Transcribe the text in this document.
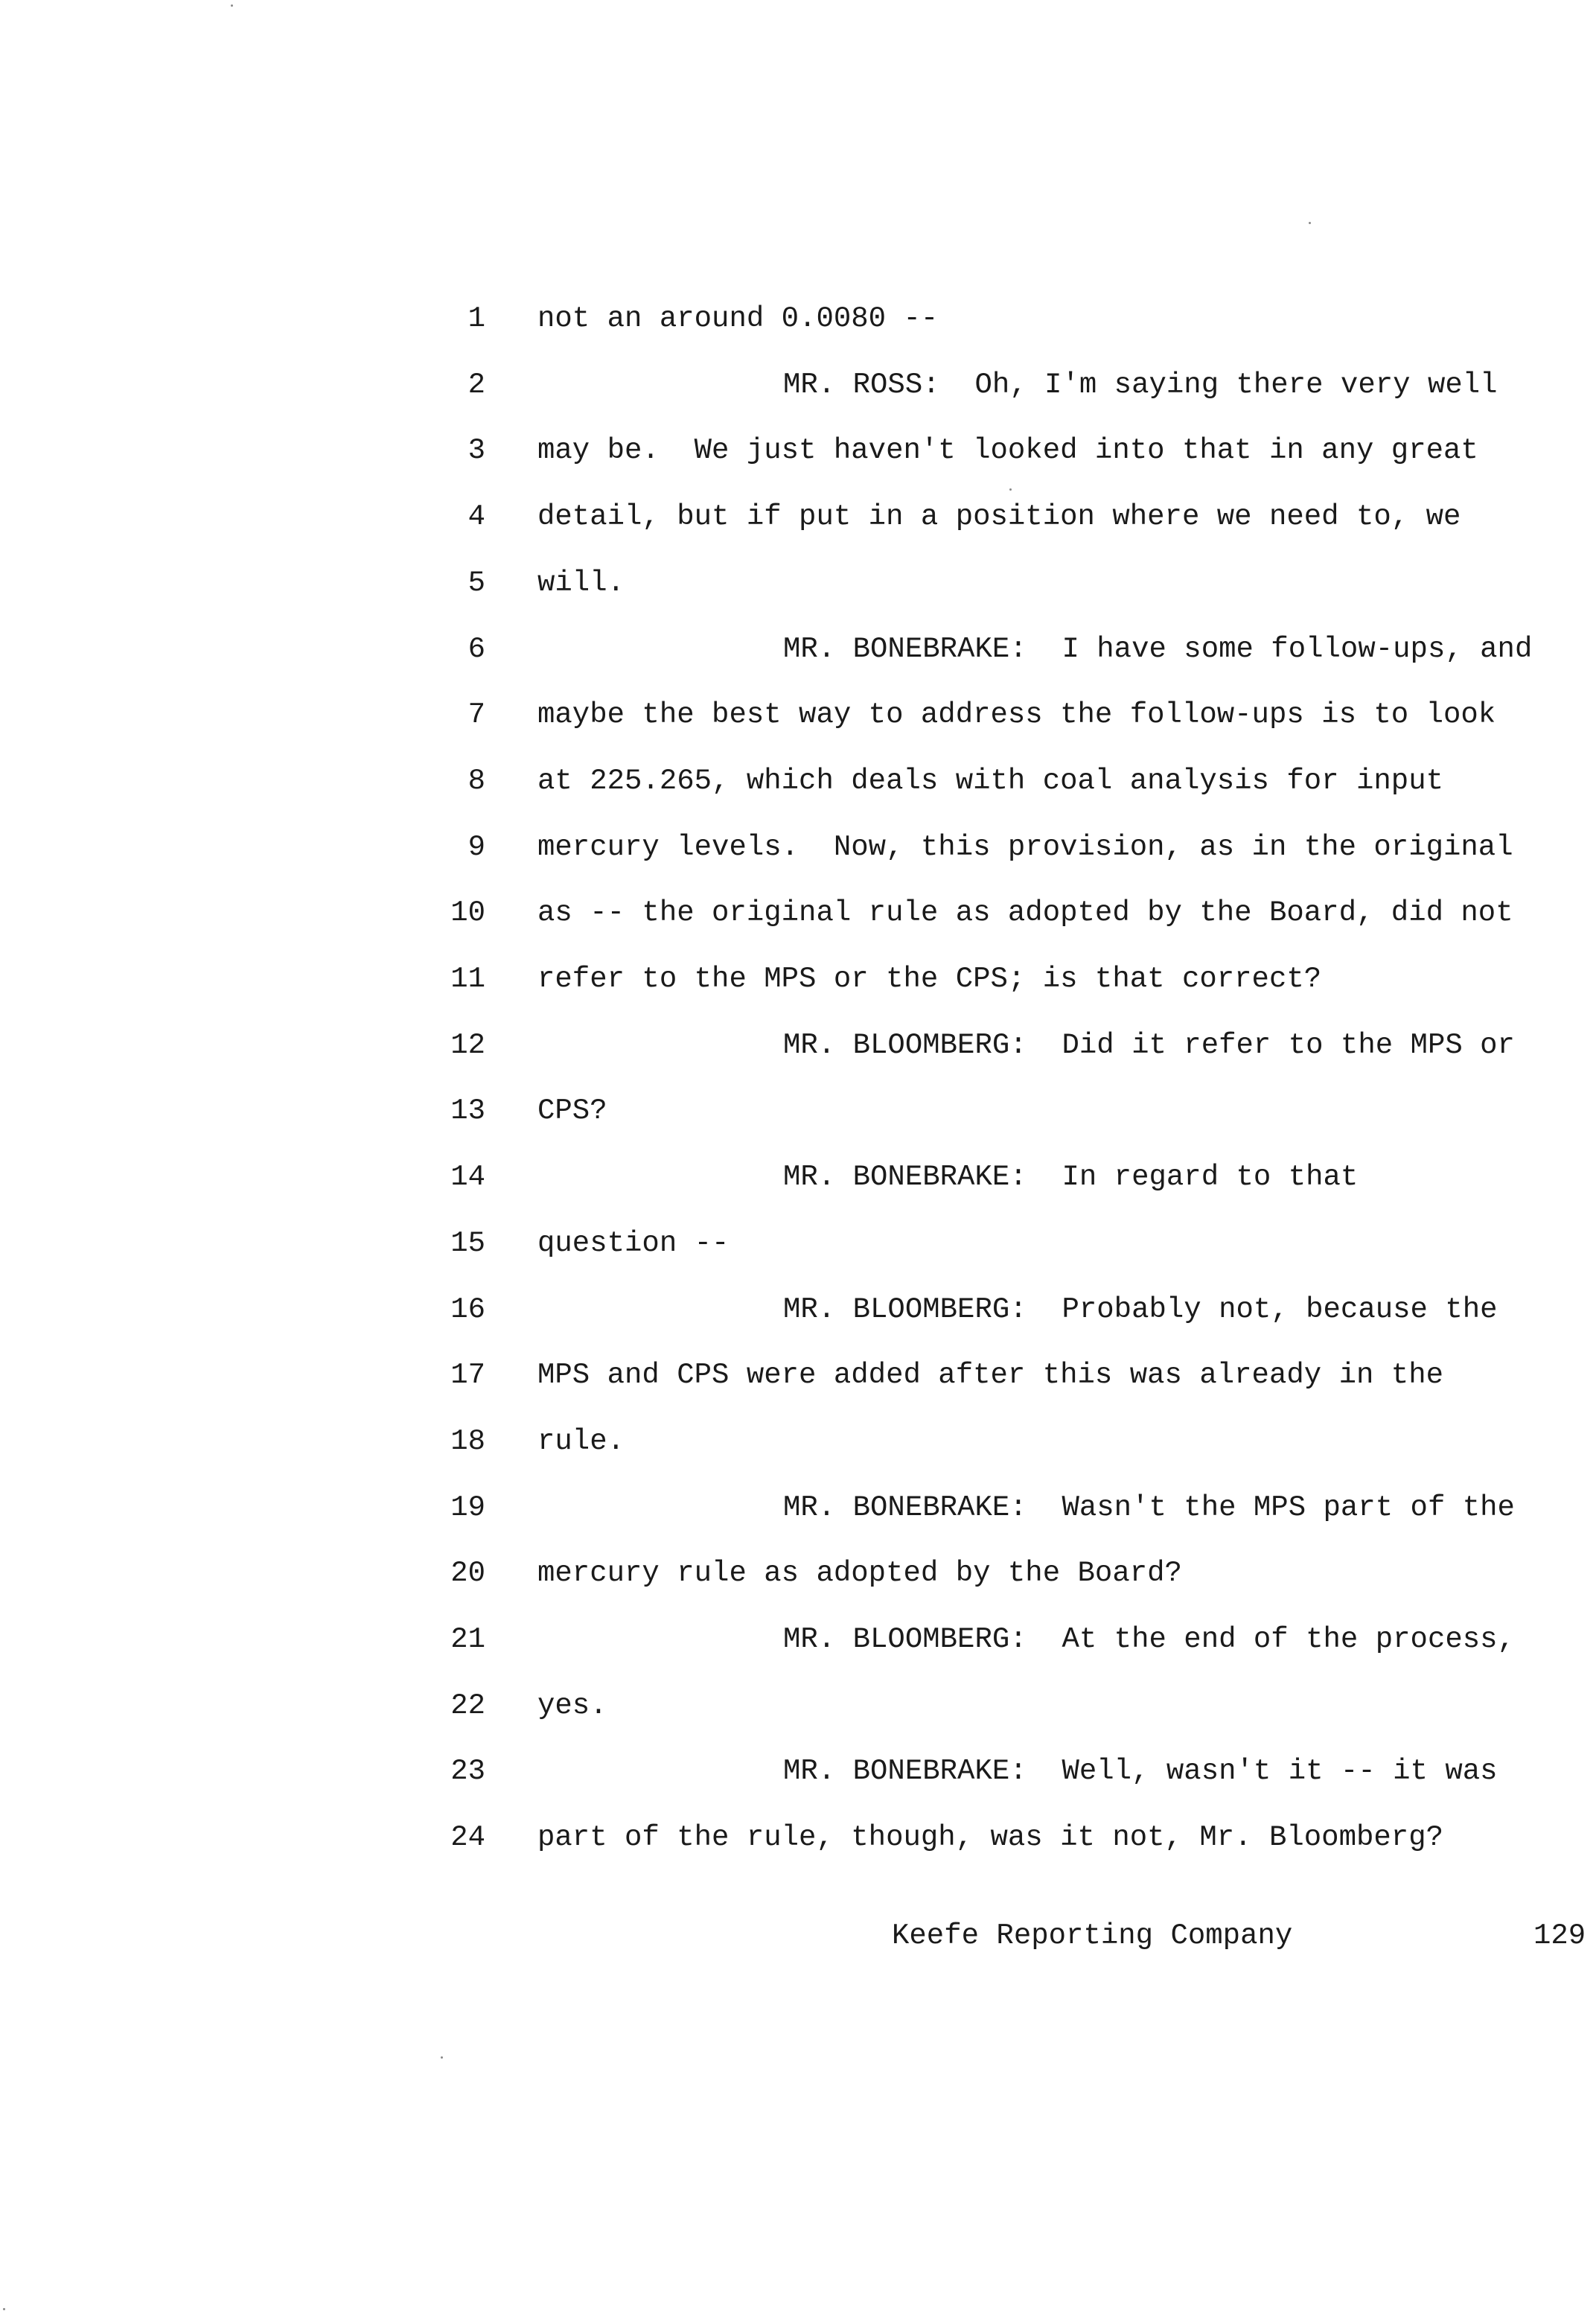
1 not an around 0.0080 --
2	MR. ROSS:  Oh, I'm saying there very well
3 may be.  We just haven't looked into that in any great
4 detail, but if put in a position where we need to, we
5 will.
6	MR. BONEBRAKE:  I have some follow-ups, and
7 maybe the best way to address the follow-ups is to look
8 at 225.265, which deals with coal analysis for input
9 mercury levels.  Now, this provision, as in the original
10 as -- the original rule as adopted by the Board, did not
11 refer to the MPS or the CPS; is that correct?
12	MR. BLOOMBERG:  Did it refer to the MPS or
13 CPS?
14	MR. BONEBRAKE:  In regard to that
15 question --
16	MR. BLOOMBERG:  Probably not, because the
17 MPS and CPS were added after this was already in the
18 rule.
19	MR. BONEBRAKE:  Wasn't the MPS part of the
20 mercury rule as adopted by the Board?
21	MR. BLOOMBERG:  At the end of the process,
22 yes.
23	MR. BONEBRAKE:  Well, wasn't it -- it was
24 part of the rule, though, was it not, Mr. Bloomberg?
Keefe Reporting Company	129
